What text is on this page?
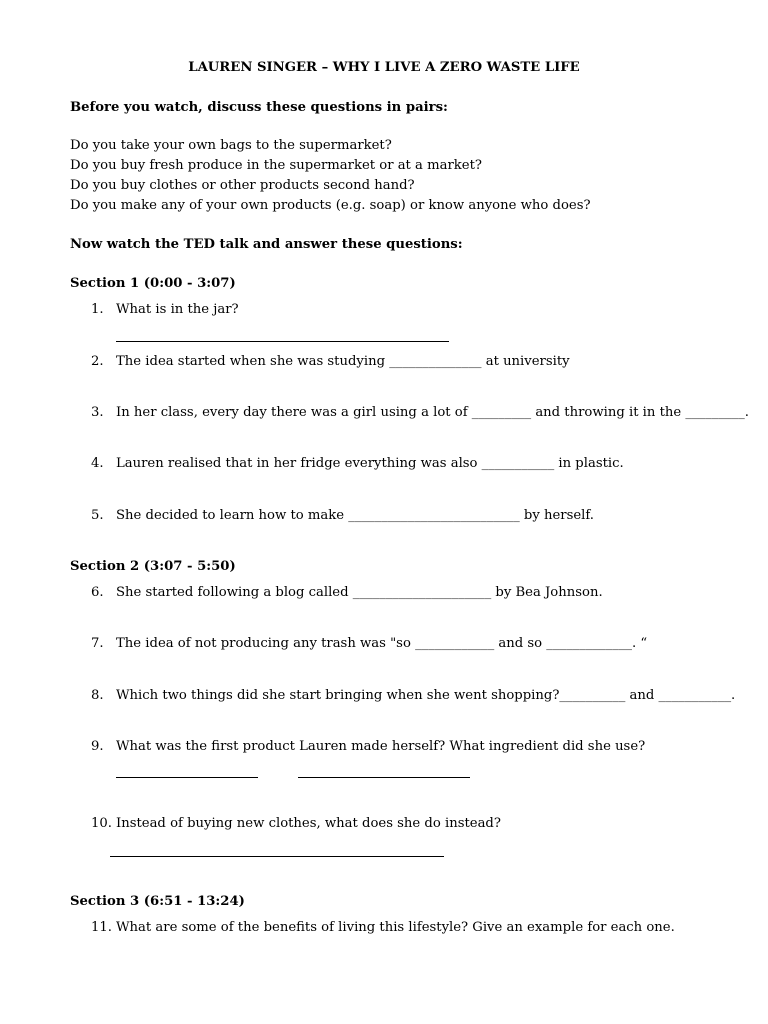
LAUREN SINGER – WHY I LIVE A ZERO WASTE LIFE
Before you watch, discuss these questions in pairs:
Do you take your own bags to the supermarket?
Do you buy fresh produce in the supermarket or at a market?
Do you buy clothes or other products second hand?
Do you make any of your own products (e.g. soap) or know anyone who does?
Now watch the TED talk and answer these questions:
Section 1 (0:00 - 3:07)
1. What is in the jar?
2. The idea started when she was studying ______________ at university
3. In her class, every day there was a girl using a lot of _________ and throwing it in the _________.
4. Lauren realised that in her fridge everything was also ___________ in plastic.
5. She decided to learn how to make __________________________ by herself.
Section 2 (3:07 - 5:50)
6. She started following a blog called _____________________ by Bea Johnson.
7. The idea of not producing any trash was "so ____________ and so _____________. “
8. Which two things did she start bringing when she went shopping?__________ and ___________.
9. What was the first product Lauren made herself? What ingredient did she use?
10. Instead of buying new clothes, what does she do instead?
Section 3 (6:51 - 13:24)
11. What are some of the benefits of living this lifestyle? Give an example for each one.
